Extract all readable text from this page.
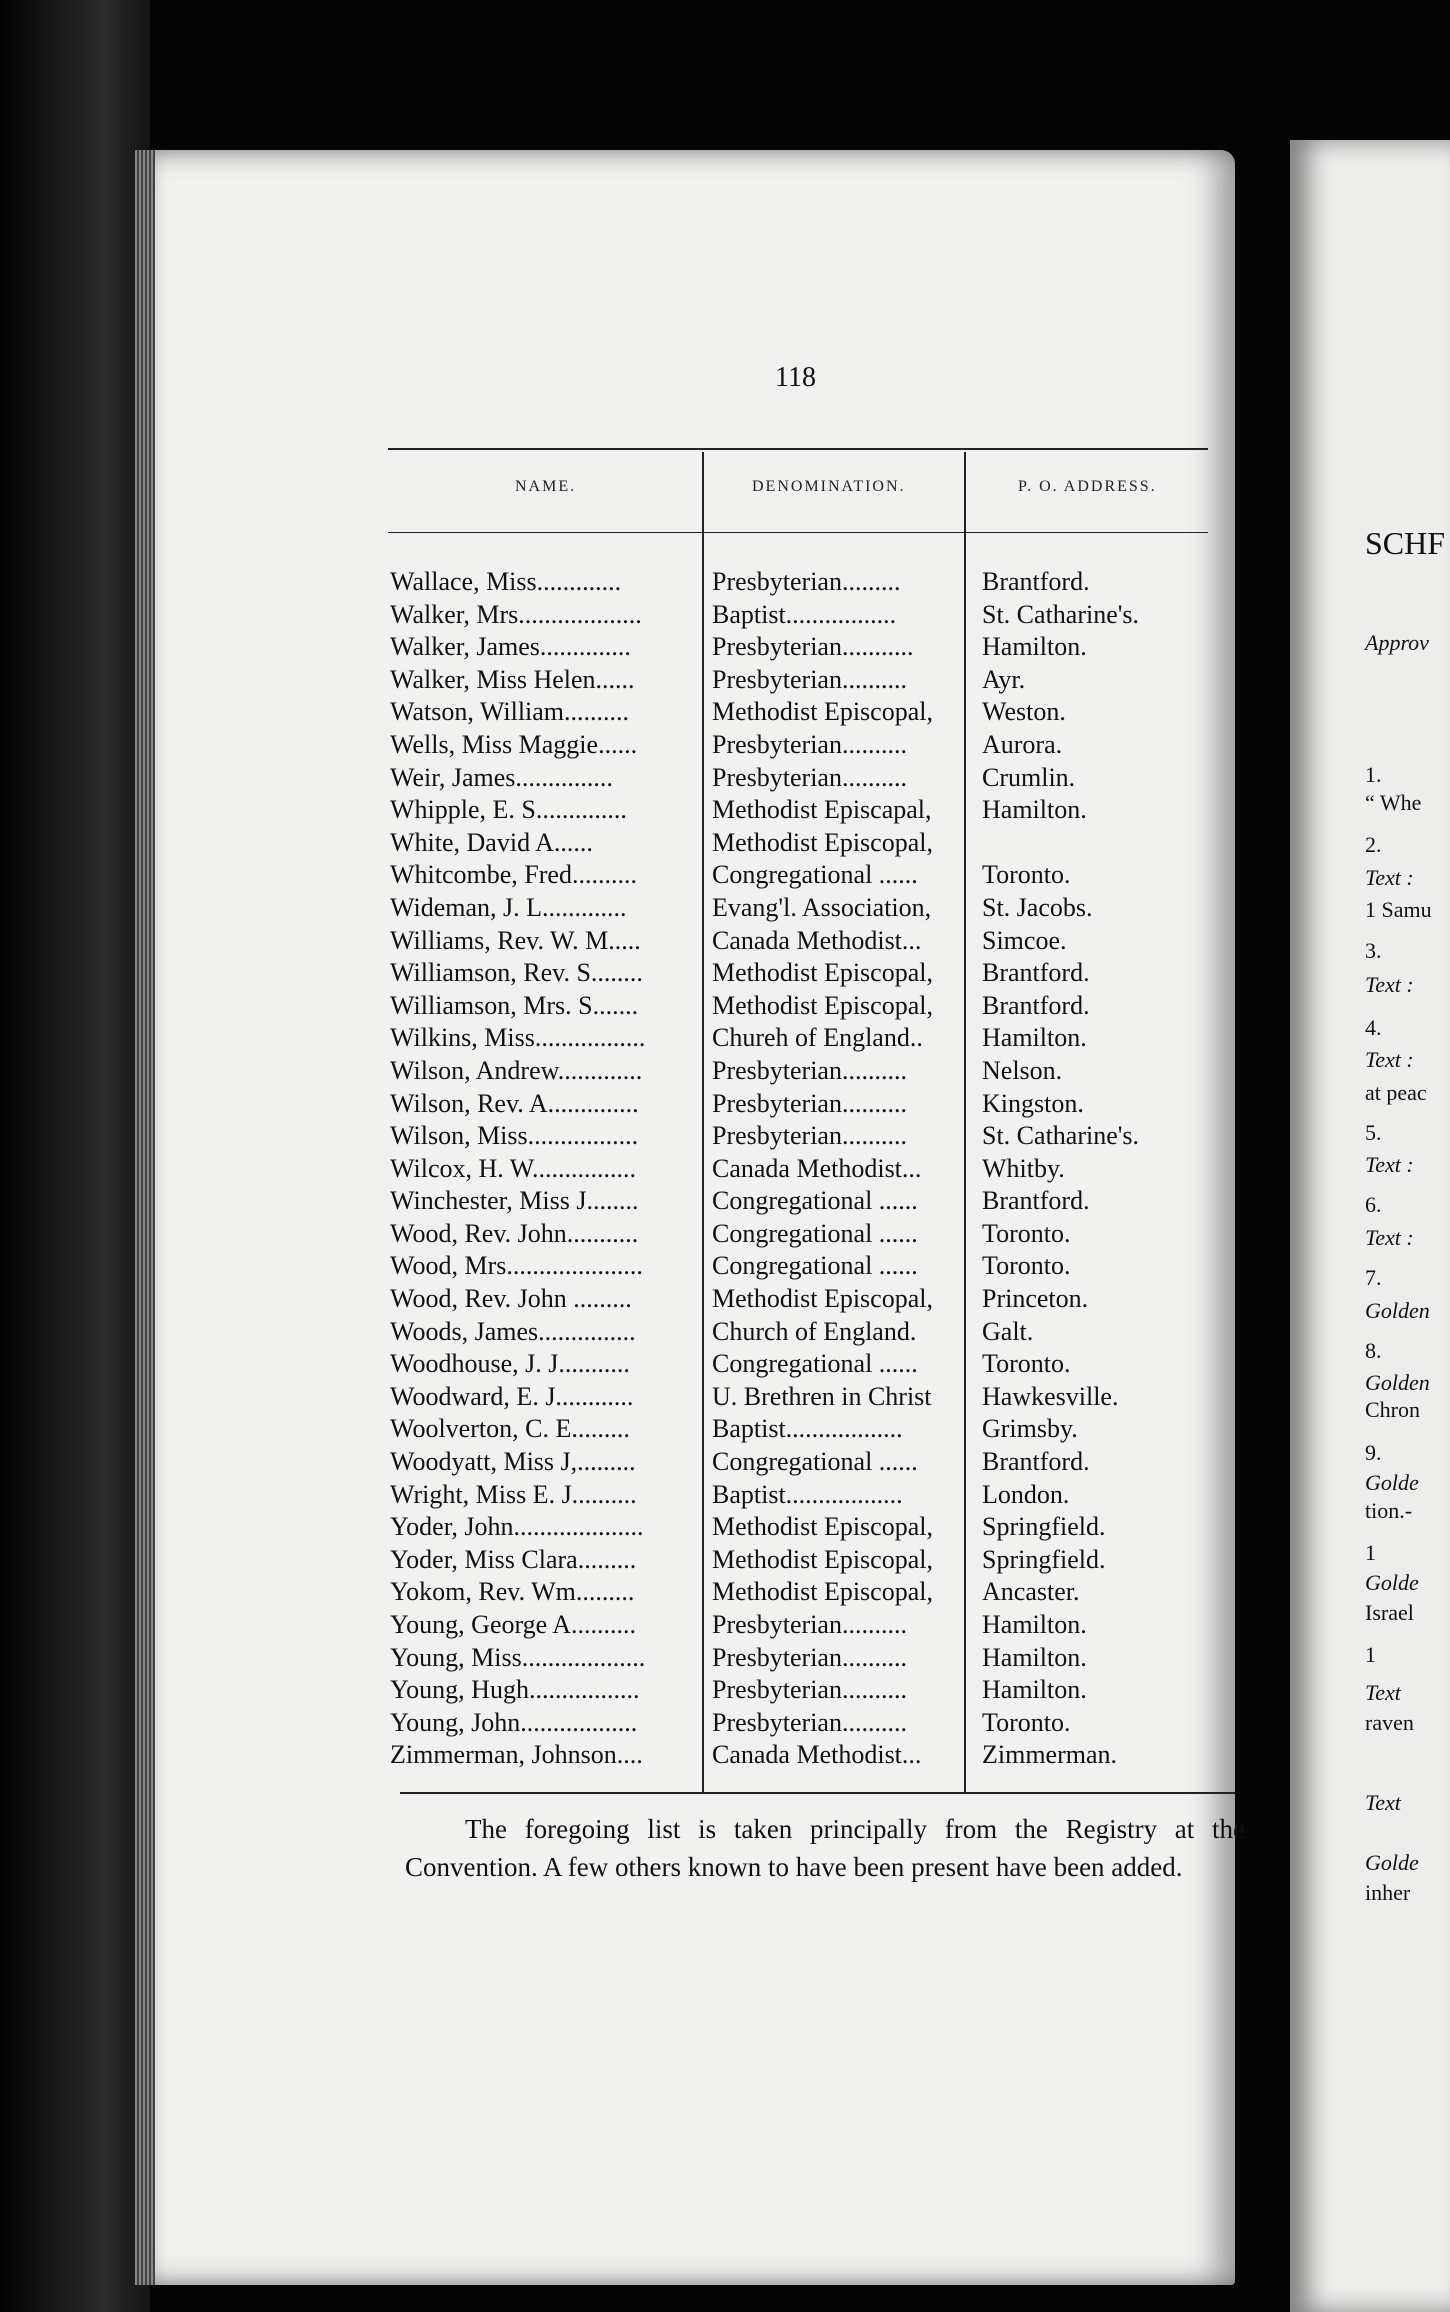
118
NAME.	DENOMINATION.	P. O. ADDRESS.
Wallace, Miss.............	Presbyterian.........	Brantford.
Walker, Mrs...................	Baptist.................	St. Catharine's.
Walker, James..............	Presbyterian...........	Hamilton.
Walker, Miss Helen......	Presbyterian..........	Ayr.
Watson, William..........	Methodist Episcopal,	Weston.
Wells, Miss Maggie......	Presbyterian..........	Aurora.
Weir, James...............	Presbyterian..........	Crumlin.
Whipple, E. S..............	Methodist Episcapal,	Hamilton.
White, David A......	Methodist Episcopal,
Whitcombe, Fred..........	Congregational ......	Toronto.
Wideman, J. L.............	Evang'l. Association,	St. Jacobs.
Williams, Rev. W. M.....	Canada Methodist...	Simcoe.
Williamson, Rev. S........	Methodist Episcopal,	Brantford.
Williamson, Mrs. S.......	Methodist Episcopal,	Brantford.
Wilkins, Miss.................	Chureh of England..	Hamilton.
Wilson, Andrew.............	Presbyterian..........	Nelson.
Wilson, Rev. A..............	Presbyterian..........	Kingston.
Wilson, Miss.................	Presbyterian..........	St. Catharine's.
Wilcox, H. W................	Canada Methodist...	Whitby.
Winchester, Miss J........	Congregational ......	Brantford.
Wood, Rev. John...........	Congregational ......	Toronto.
Wood, Mrs.....................	Congregational ......	Toronto.
Wood, Rev. John .........	Methodist Episcopal,	Princeton.
Woods, James...............	Church of England.	Galt.
Woodhouse, J. J...........	Congregational ......	Toronto.
Woodward, E. J............	U. Brethren in Christ	Hawkesville.
Woolverton, C. E.........	Baptist..................	Grimsby.
Woodyatt, Miss J,.........	Congregational ......	Brantford.
Wright, Miss E. J..........	Baptist..................	London.
Yoder, John....................	Methodist Episcopal,	Springfield.
Yoder, Miss Clara.........	Methodist Episcopal,	Springfield.
Yokom, Rev. Wm.........	Methodist Episcopal,	Ancaster.
Young, George A..........	Presbyterian..........	Hamilton.
Young, Miss...................	Presbyterian..........	Hamilton.
Young, Hugh.................	Presbyterian..........	Hamilton.
Young, John..................	Presbyterian..........	Toronto.
Zimmerman, Johnson....	Canada Methodist...	Zimmerman.
The foregoing list is taken principally from the Registry at the Convention. A few others known to have been present have been added.
SCHF
Approv
1.
“ Whe
2.
Text :
1 Samu
3.
Text :
4.
Text :
at peac
5.
Text :
6.
Text :
7.
Golden
8.
Golden
Chron
9.
Golde
tion.-
1
Golde
Israel
1
Text
raven
Text
Golde
inher
